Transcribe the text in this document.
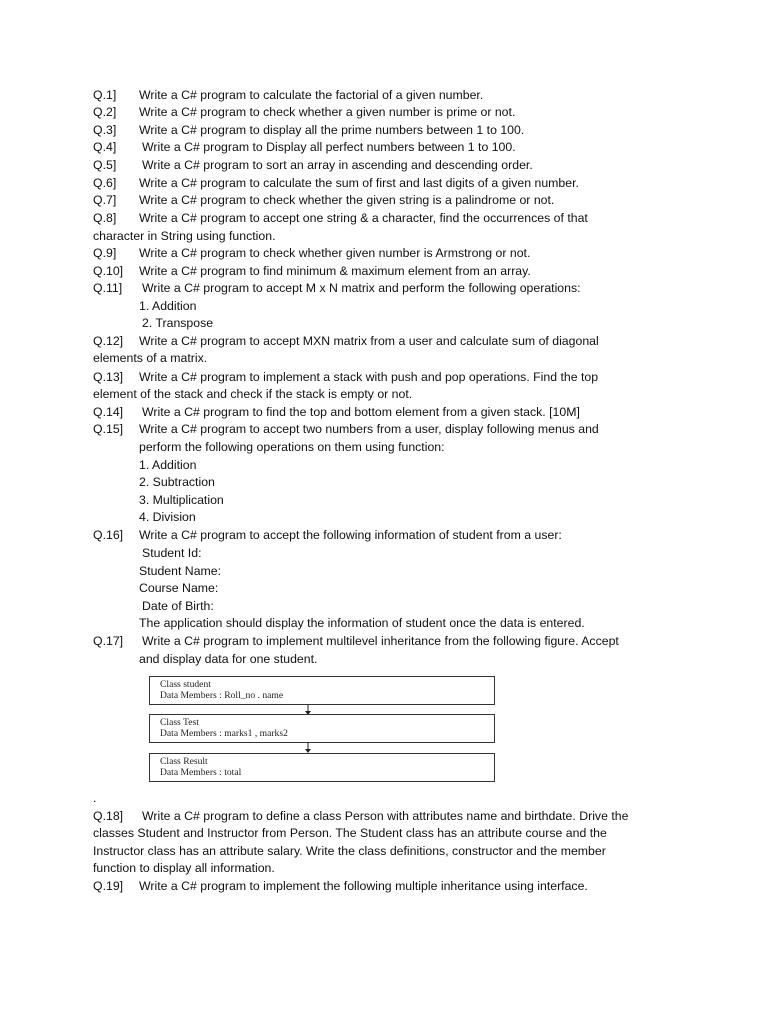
Q.1] Write a C# program to calculate the factorial of a given number.
Q.2] Write a C# program to check whether a given number is prime or not.
Q.3] Write a C# program to display all the prime numbers between 1 to 100.
Q.4] Write a C# program to Display all perfect numbers between 1 to 100.
Q.5] Write a C# program to sort an array in ascending and descending order.
Q.6] Write a C# program to calculate the sum of first and last digits of a given number.
Q.7] Write a C# program to check whether the given string is a palindrome or not.
Q.8] Write a C# program to accept one string & a character, find the occurrences of that
character in String using function.
Q.9] Write a C# program to check whether given number is Armstrong or not.
Q.10] Write a C# program to find minimum & maximum element from an array.
Q.11] Write a C# program to accept M x N matrix and perform the following operations:
1. Addition
2. Transpose
Q.12] Write a C# program to accept MXN matrix from a user and calculate sum of diagonal
elements of a matrix.
Q.13] Write a C# program to implement a stack with push and pop operations. Find the top
element of the stack and check if the stack is empty or not.
Q.14] Write a C# program to find the top and bottom element from a given stack. [10M]
Q.15] Write a C# program to accept two numbers from a user, display following menus and
perform the following operations on them using function:
1. Addition
2. Subtraction
3. Multiplication
4. Division
Q.16] Write a C# program to accept the following information of student from a user:
Student Id:
Student Name:
Course Name:
Date of Birth:
The application should display the information of student once the data is entered.
Q.17] Write a C# program to implement multilevel inheritance from the following figure. Accept
and display data for one student.
Class student
Data Members : Roll_no . name
Class Test
Data Members : marks1 , marks2
Class Result
Data Members : total
.
Q.18] Write a C# program to define a class Person with attributes name and birthdate. Drive the
classes Student and Instructor from Person. The Student class has an attribute course and the
Instructor class has an attribute salary. Write the class definitions, constructor and the member
function to display all information.
Q.19] Write a C# program to implement the following multiple inheritance using interface.
